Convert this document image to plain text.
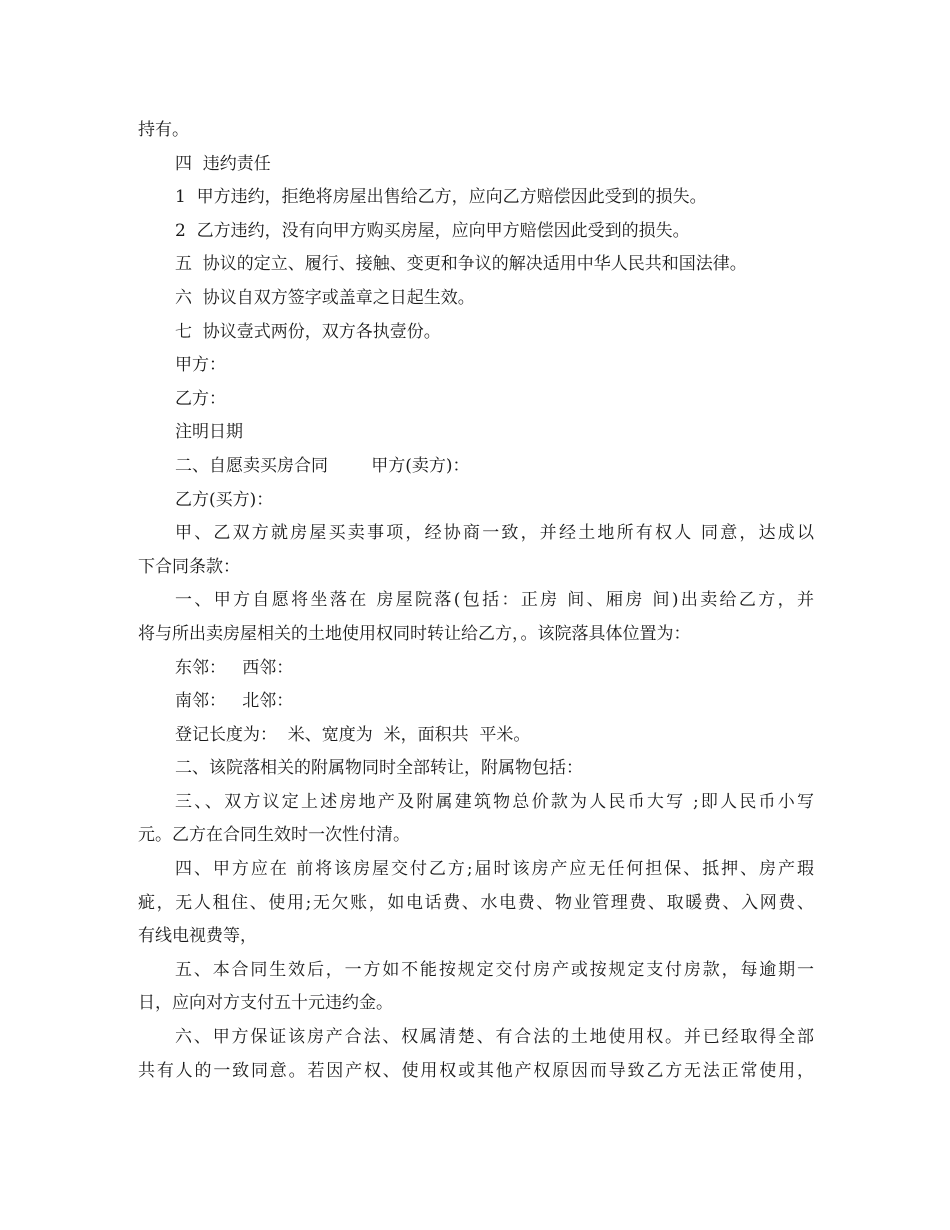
持有。
四  违约责任
1  甲方违约，拒绝将房屋出售给乙方，应向乙方赔偿因此受到的损失。
2  乙方违约，没有向甲方购买房屋，应向甲方赔偿因此受到的损失。
五  协议的定立、履行、接触、变更和争议的解决适用中华人民共和国法律。
六  协议自双方签字或盖章之日起生效。
七  协议壹式两份，双方各执壹份。
甲方：
乙方：
注明日期
二、自愿卖买房合同        甲方(卖方)：
乙方(买方)：
甲、乙双方就房屋买卖事项，经协商一致，并经土地所有权人 同意，达成以
下合同条款：
一、甲方自愿将坐落在 房屋院落(包括：正房 间、厢房 间)出卖给乙方，并
将与所出卖房屋相关的土地使用权同时转让给乙方，。该院落具体位置为：
东邻：   西邻：
南邻：   北邻：
登记长度为：  米、宽度为  米，面积共  平米。
二、该院落相关的附属物同时全部转让，附属物包括：
三、、双方议定上述房地产及附属建筑物总价款为人民币大写 ;即人民币小写
元。乙方在合同生效时一次性付清。
四、甲方应在 前将该房屋交付乙方;届时该房产应无任何担保、抵押、房产瑕
疵，无人租住、使用;无欠账，如电话费、水电费、物业管理费、取暖费、入网费、
有线电视费等，
五、本合同生效后，一方如不能按规定交付房产或按规定支付房款，每逾期一
日，应向对方支付五十元违约金。
六、甲方保证该房产合法、权属清楚、有合法的土地使用权。并已经取得全部
共有人的一致同意。若因产权、使用权或其他产权原因而导致乙方无法正常使用，
